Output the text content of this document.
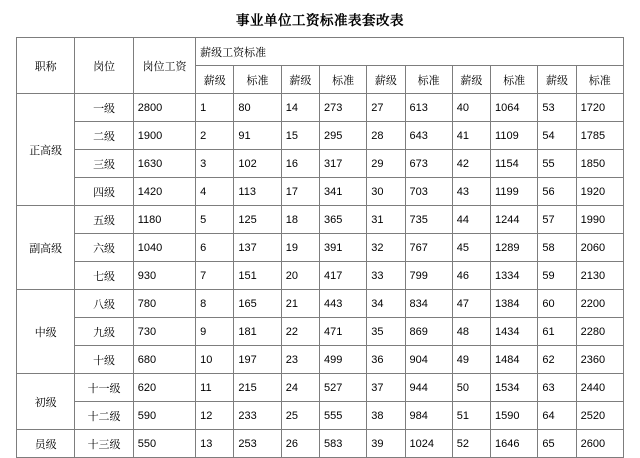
事业单位工资标准表套改表
职称	岗位	岗位工资	薪级工资标准									
			薪级	标准	薪级	标准	薪级	标准	薪级	标准	薪级	标准
正高级	一级	2800	1	80	14	273	27	613	40	1064	53	1720
	二级	1900	2	91	15	295	28	643	41	1109	54	1785
	三级	1630	3	102	16	317	29	673	42	1154	55	1850
	四级	1420	4	113	17	341	30	703	43	1199	56	1920
副高级	五级	1180	5	125	18	365	31	735	44	1244	57	1990
	六级	1040	6	137	19	391	32	767	45	1289	58	2060
	七级	930	7	151	20	417	33	799	46	1334	59	2130
中级	八级	780	8	165	21	443	34	834	47	1384	60	2200
	九级	730	9	181	22	471	35	869	48	1434	61	2280
	十级	680	10	197	23	499	36	904	49	1484	62	2360
初级	十一级	620	11	215	24	527	37	944	50	1534	63	2440
	十二级	590	12	233	25	555	38	984	51	1590	64	2520
员级	十三级	550	13	253	26	583	39	1024	52	1646	65	2600
